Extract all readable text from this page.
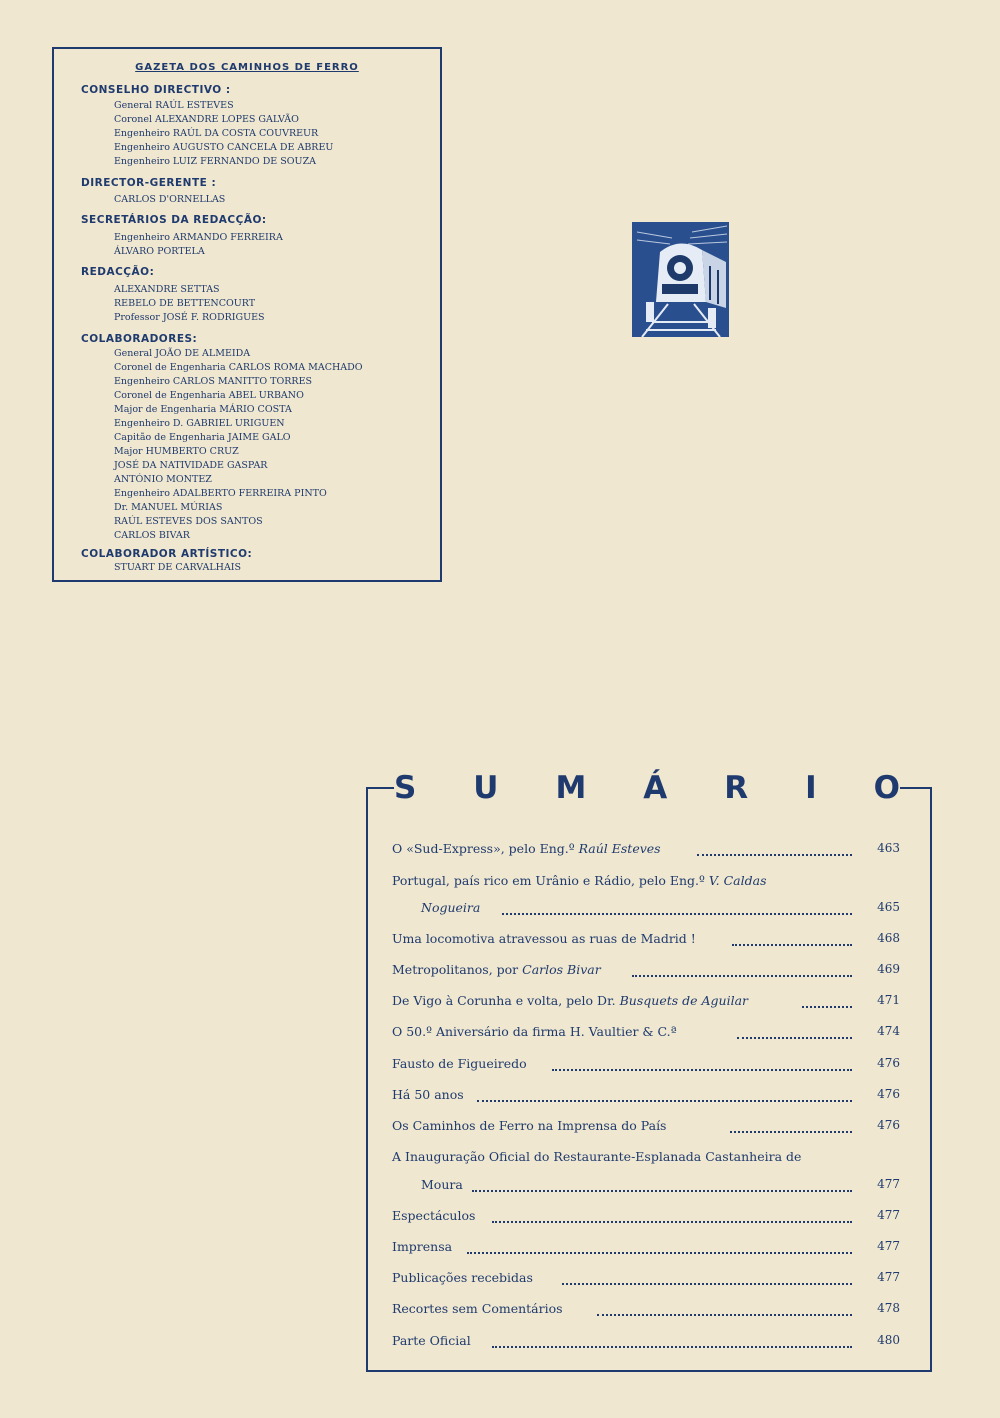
GAZETA DOS CAMINHOS DE FERRO
CONSELHO DIRECTIVO :
General RAÚL ESTEVES
Coronel ALEXANDRE LOPES GALVÃO
Engenheiro RAÚL DA COSTA COUVREUR
Engenheiro AUGUSTO CANCELA DE ABREU
Engenheiro LUIZ FERNANDO DE SOUZA
DIRECTOR-GERENTE :
CARLOS D'ORNELLAS
SECRETÁRIOS DA REDACÇÃO:
Engenheiro ARMANDO FERREIRA
ÁLVARO PORTELA
REDACÇÃO:
ALEXANDRE SETTAS
REBELO DE BETTENCOURT
Professor JOSÉ F. RODRIGUES
COLABORADORES:
General JOÃO DE ALMEIDA
Coronel de Engenharia CARLOS ROMA MACHADO
Engenheiro CARLOS MANITTO TORRES
Coronel de Engenharia ABEL URBANO
Major de Engenharia MÁRIO COSTA
Engenheiro D. GABRIEL URIGUEN
Capitão de Engenharia JAIME GALO
Major HUMBERTO CRUZ
JOSÉ DA NATIVIDADE GASPAR
ANTÓNIO MONTEZ
Engenheiro ADALBERTO FERREIRA PINTO
Dr. MANUEL MÚRIAS
RAÚL ESTEVES DOS SANTOS
CARLOS BIVAR
COLABORADOR ARTÍSTICO:
STUART DE CARVALHAIS
S U M Á R I O
O «Sud-Express», pelo Eng.º Raúl Esteves	463
Portugal, país rico em Urânio e Rádio, pelo Eng.º V. Caldas
Nogueira	465
Uma locomotiva atravessou as ruas de Madrid !	468
Metropolitanos, por Carlos Bivar	469
De Vigo à Corunha e volta, pelo Dr. Busquets de Aguilar	471
O 50.º Aniversário da firma H. Vaultier & C.ª	474
Fausto de Figueiredo	476
Há 50 anos	476
Os Caminhos de Ferro na Imprensa do País	476
A Inauguração Oficial do Restaurante-Esplanada Castanheira de
Moura	477
Espectáculos	477
Imprensa	477
Publicações recebidas	477
Recortes sem Comentários	478
Parte Oficial	480
